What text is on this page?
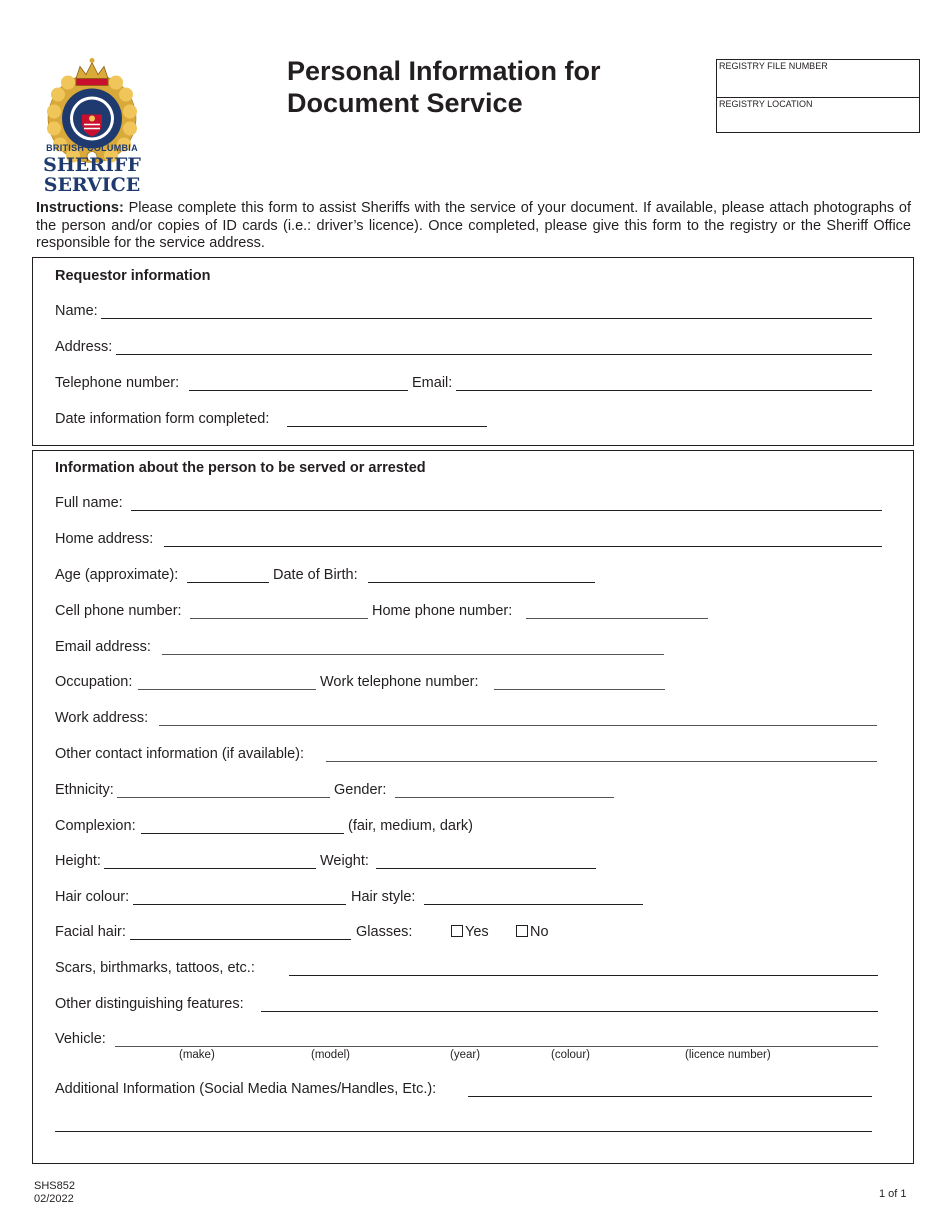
BRITISH COLUMBIA
SHERIFF
SERVICE
Personal Information for
Document Service
REGISTRY FILE NUMBER
REGISTRY LOCATION
Instructions: Please complete this form to assist Sheriffs with the service of your document. If available, please attach photographs of the person and/or copies of ID cards (i.e.: driver’s licence). Once completed, please give this form to the registry or the Sheriff Office responsible for the service address.
Requestor information
Name:
Address:
Telephone number:	Email:
Date information form completed:
Information about the person to be served or arrested
Full name:
Home address:
Age (approximate):	Date of Birth:
Cell phone number:	Home phone number:
Email address:
Occupation:	Work telephone number:
Work address:
Other contact information (if available):
Ethnicity:	Gender:
Complexion:	(fair, medium, dark)
Height:	Weight:
Hair colour:	Hair style:
Facial hair:	Glasses:	Yes	No
Scars, birthmarks, tattoos, etc.:
Other distinguishing features:
Vehicle:
(make)	(model)	(year)	(colour)	(licence number)
Additional Information (Social Media Names/Handles, Etc.):
SHS852
02/2022	1 of 1
